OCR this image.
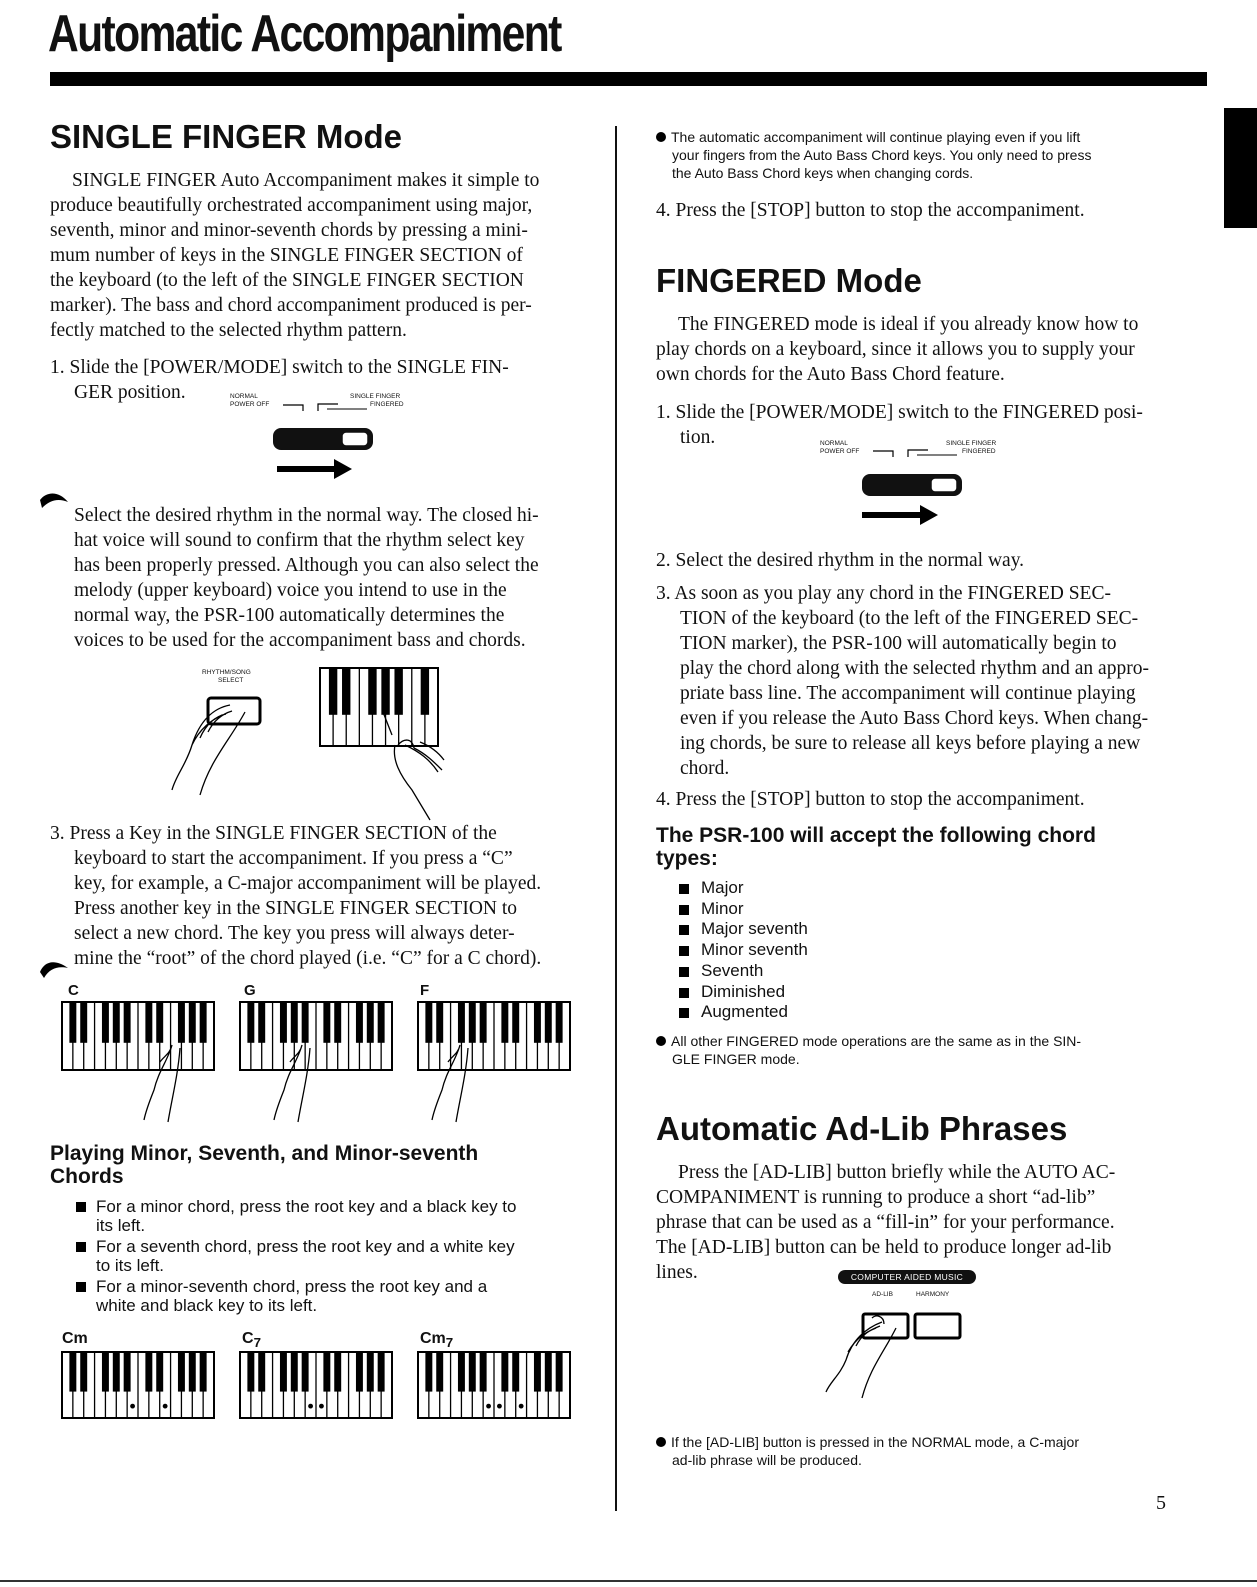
Automatic Accompaniment
SINGLE FINGER Mode
SINGLE FINGER Auto Accompaniment makes it simple to
produce beautifully orchestrated accompaniment using major,
seventh, minor and minor-seventh chords by pressing a mini-
mum number of keys in the SINGLE FINGER SECTION of
the keyboard (to the left of the SINGLE FINGER SECTION
marker). The bass and chord accompaniment produced is per-
fectly matched to the selected rhythm pattern.
1. Slide the [POWER/MODE] switch to the SINGLE FIN-
GER position.	NORMAL
POWER OFF
SINGLE FINGER
FINGERED
Select the desired rhythm in the normal way. The closed hi-
hat voice will sound to confirm that the rhythm select key
has been properly pressed. Although you can also select the
melody (upper keyboard) voice you intend to use in the
normal way, the PSR-100 automatically determines the
voices to be used for the accompaniment bass and chords.
RHYTHM/SONG
SELECT
3. Press a Key in the SINGLE FINGER SECTION of the
keyboard to start the accompaniment. If you press a “C”
key, for example, a C-major accompaniment will be played.
Press another key in the SINGLE FINGER SECTION to
select a new chord. The key you press will always deter-
mine the “root” of the chord played (i.e. “C” for a C chord).
C	G	F
Playing Minor, Seventh, and Minor-seventh
Chords
For a minor chord, press the root key and a black key to
its left.
For a seventh chord, press the root key and a white key
to its left.
For a minor-seventh chord, press the root key and a
white and black key to its left.
Cm	$C_7$	$Cm_7$
The automatic accompaniment will continue playing even if you lift
your fingers from the Auto Bass Chord keys. You only need to press
the Auto Bass Chord keys when changing cords.
4. Press the [STOP] button to stop the accompaniment.
FINGERED Mode
The FINGERED mode is ideal if you already know how to
play chords on a keyboard, since it allows you to supply your
own chords for the Auto Bass Chord feature.
1. Slide the [POWER/MODE] switch to the FINGERED posi-
tion.	NORMAL
POWER OFF
SINGLE FINGER
FINGERED
2. Select the desired rhythm in the normal way.
3. As soon as you play any chord in the FINGERED SEC-
TION of the keyboard (to the left of the FINGERED SEC-
TION marker), the PSR-100 will automatically begin to
play the chord along with the selected rhythm and an appro-
priate bass line. The accompaniment will continue playing
even if you release the Auto Bass Chord keys. When chang-
ing chords, be sure to release all keys before playing a new
chord.
4. Press the [STOP] button to stop the accompaniment.
The PSR-100 will accept the following chord
types:
Major
Minor
Major seventh
Minor seventh
Seventh
Diminished
Augmented
All other FINGERED mode operations are the same as in the SIN-
GLE FINGER mode.
Automatic Ad-Lib Phrases
Press the [AD-LIB] button briefly while the AUTO AC-
COMPANIMENT is running to produce a short “ad-lib”
phrase that can be used as a “fill-in” for your performance.
The [AD-LIB] button can be held to produce longer ad-lib
lines.	COMPUTER AIDED MUSIC
AD-LIB	HARMONY
If the [AD-LIB] button is pressed in the NORMAL mode, a C-major
ad-lib phrase will be produced.
5
